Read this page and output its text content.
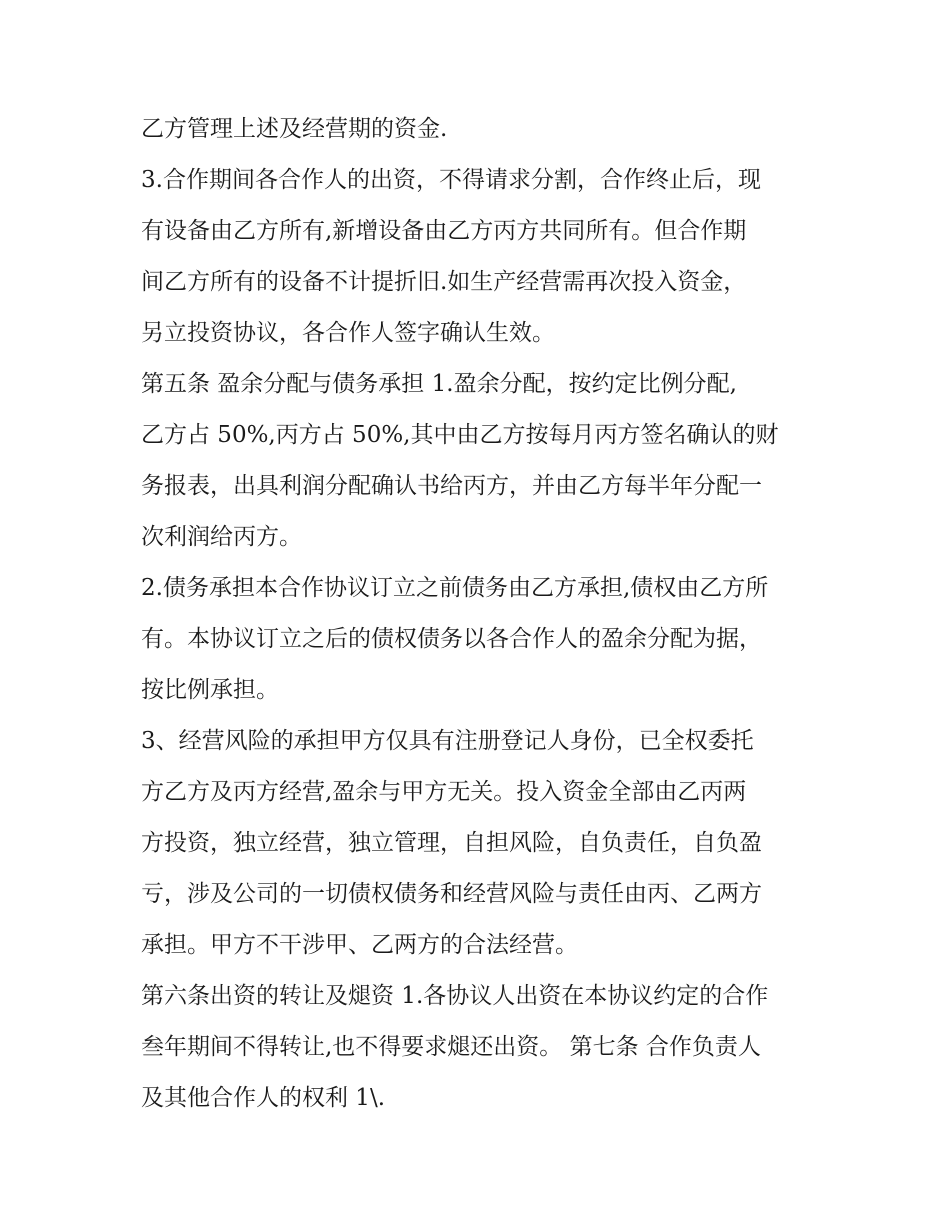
乙方管理上述及经营期的资金.
3.合作期间各合作人的出资，不得请求分割，合作终止后，现
有设备由乙方所有,新增设备由乙方丙方共同所有。但合作期
间乙方所有的设备不计提折旧.如生产经营需再次投入资金，
另立投资协议，各合作人签字确认生效。
第五条 盈余分配与债务承担 1.盈余分配，按约定比例分配,
乙方占 50%,丙方占 50%,其中由乙方按每月丙方签名确认的财
务报表，出具利润分配确认书给丙方，并由乙方每半年分配一
次利润给丙方。
2.债务承担本合作协议订立之前债务由乙方承担,债权由乙方所
有。本协议订立之后的债权债务以各合作人的盈余分配为据，
按比例承担。
3、经营风险的承担甲方仅具有注册登记人身份，已全权委托
方乙方及丙方经营,盈余与甲方无关。投入资金全部由乙丙两
方投资，独立经营，独立管理，自担风险，自负责任，自负盈
亏，涉及公司的一切债权债务和经营风险与责任由丙、乙两方
承担。甲方不干涉甲、乙两方的合法经营。
第六条出资的转让及煺资 1.各协议人出资在本协议约定的合作
叁年期间不得转让,也不得要求煺还出资。 第七条 合作负责人
及其他合作人的权利 1\.
